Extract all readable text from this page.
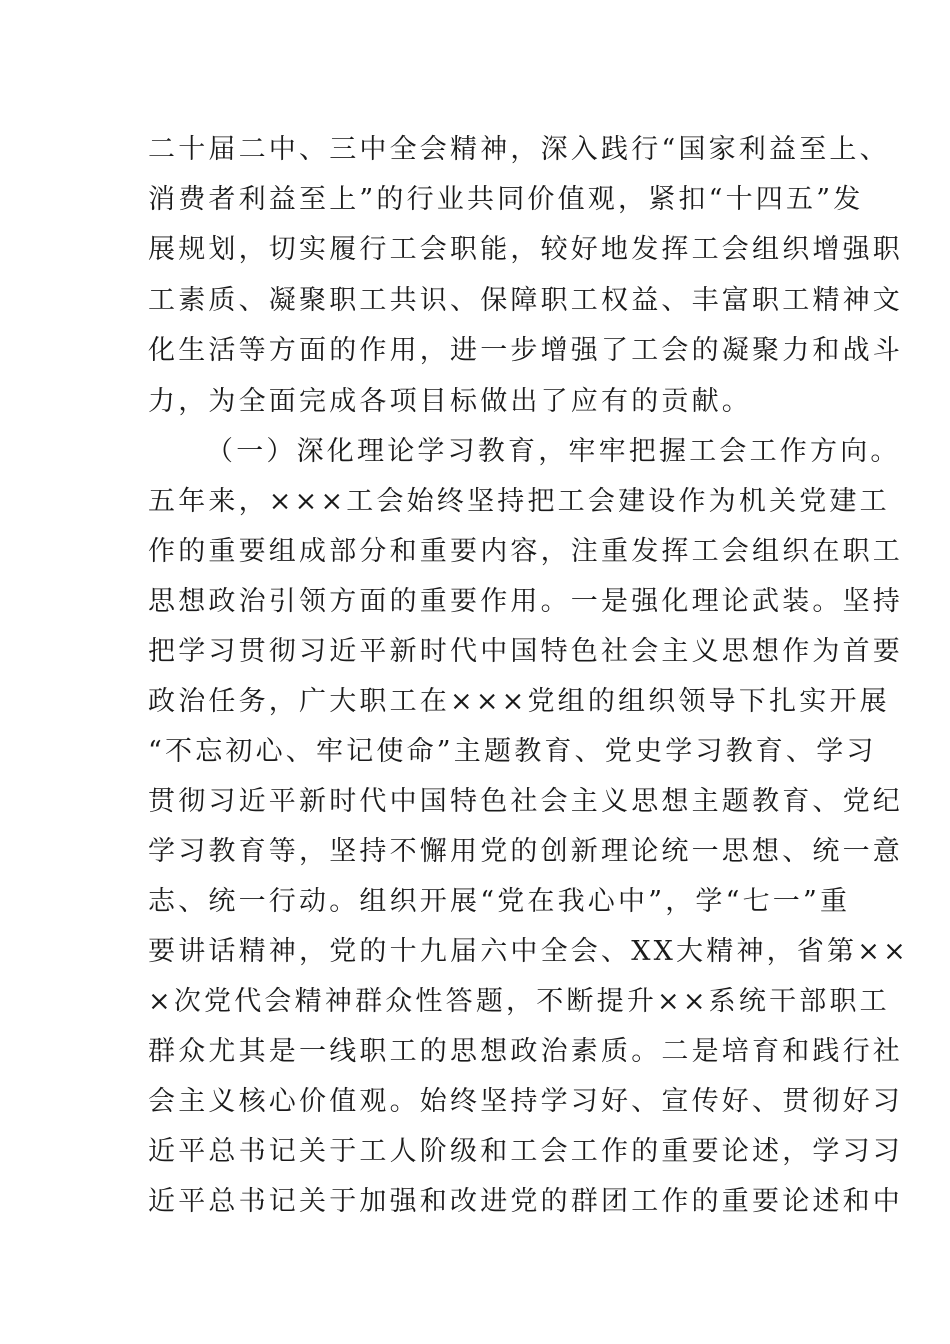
二十届二中、三中全会精神，深入践行“国家利益至上、
消费者利益至上”的行业共同价值观，紧扣“十四五”发
展规划，切实履行工会职能，较好地发挥工会组织增强职
工素质、凝聚职工共识、保障职工权益、丰富职工精神文
化生活等方面的作用，进一步增强了工会的凝聚力和战斗
力，为全面完成各项目标做出了应有的贡献。
（一）深化理论学习教育，牢牢把握工会工作方向。
五年来，×××工会始终坚持把工会建设作为机关党建工
作的重要组成部分和重要内容，注重发挥工会组织在职工
思想政治引领方面的重要作用。一是强化理论武装。坚持
把学习贯彻习近平新时代中国特色社会主义思想作为首要
政治任务，广大职工在×××党组的组织领导下扎实开展
“不忘初心、牢记使命”主题教育、党史学习教育、学习
贯彻习近平新时代中国特色社会主义思想主题教育、党纪
学习教育等，坚持不懈用党的创新理论统一思想、统一意
志、统一行动。组织开展“党在我心中”，学“七一”重
要讲话精神，党的十九届六中全会、XX大精神，省第××
×次党代会精神群众性答题，不断提升××系统干部职工
群众尤其是一线职工的思想政治素质。二是培育和践行社
会主义核心价值观。始终坚持学习好、宣传好、贯彻好习
近平总书记关于工人阶级和工会工作的重要论述，学习习
近平总书记关于加强和改进党的群团工作的重要论述和中
